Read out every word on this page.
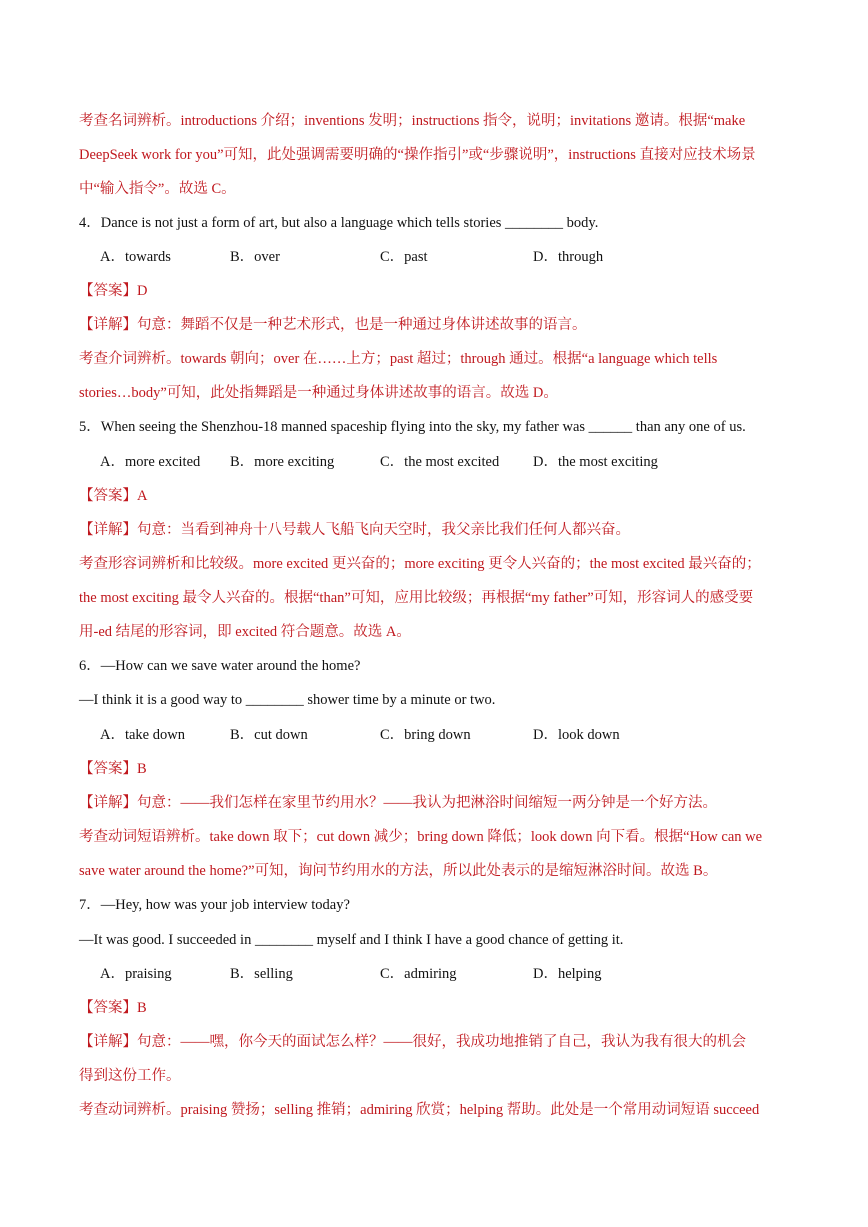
考查名词辨析。introductions 介绍；inventions 发明；instructions 指令，说明；invitations 邀请。根据“make
DeepSeek work for you”可知，此处强调需要明确的“操作指引”或“步骤说明”，instructions 直接对应技术场景
中“输入指令”。故选 C。
4．Dance is not just a form of art, but also a language which tells stories ________ body.
A．towards	B．over	C．past	D．through
【答案】D
【详解】句意：舞蹈不仅是一种艺术形式，也是一种通过身体讲述故事的语言。
考查介词辨析。towards 朝向；over 在……上方；past 超过；through 通过。根据“a language which tells
stories…body”可知，此处指舞蹈是一种通过身体讲述故事的语言。故选 D。
5．When seeing the Shenzhou-18 manned spaceship flying into the sky, my father was ______ than any one of us.
A．more excited B．more exciting	C．the most excited D．the most exciting
【答案】A
【详解】句意：当看到神舟十八号载人飞船飞向天空时，我父亲比我们任何人都兴奋。
考查形容词辨析和比较级。more excited 更兴奋的；more exciting 更令人兴奋的；the most excited 最兴奋的；
the most exciting 最令人兴奋的。根据“than”可知，应用比较级；再根据“my father”可知，形容词人的感受要
用-ed 结尾的形容词，即 excited 符合题意。故选 A。
6．—How can we save water around the home?
—I think it is a good way to ________ shower time by a minute or two.
A．take down	B．cut down	C．bring down	D．look down
【答案】B
【详解】句意：——我们怎样在家里节约用水？——我认为把淋浴时间缩短一两分钟是一个好方法。
考查动词短语辨析。take down 取下；cut down 减少；bring down 降低；look down 向下看。根据“How can we
save water around the home?”可知，询问节约用水的方法，所以此处表示的是缩短淋浴时间。故选 B。
7．—Hey, how was your job interview today?
—It was good. I succeeded in ________ myself and I think I have a good chance of getting it.
A．praising	B．selling	C．admiring	D．helping
【答案】B
【详解】句意：——嘿，你今天的面试怎么样？——很好，我成功地推销了自己，我认为我有很大的机会
得到这份工作。
考查动词辨析。praising 赞扬；selling 推销；admiring 欣赏；helping 帮助。此处是一个常用动词短语 succeed
